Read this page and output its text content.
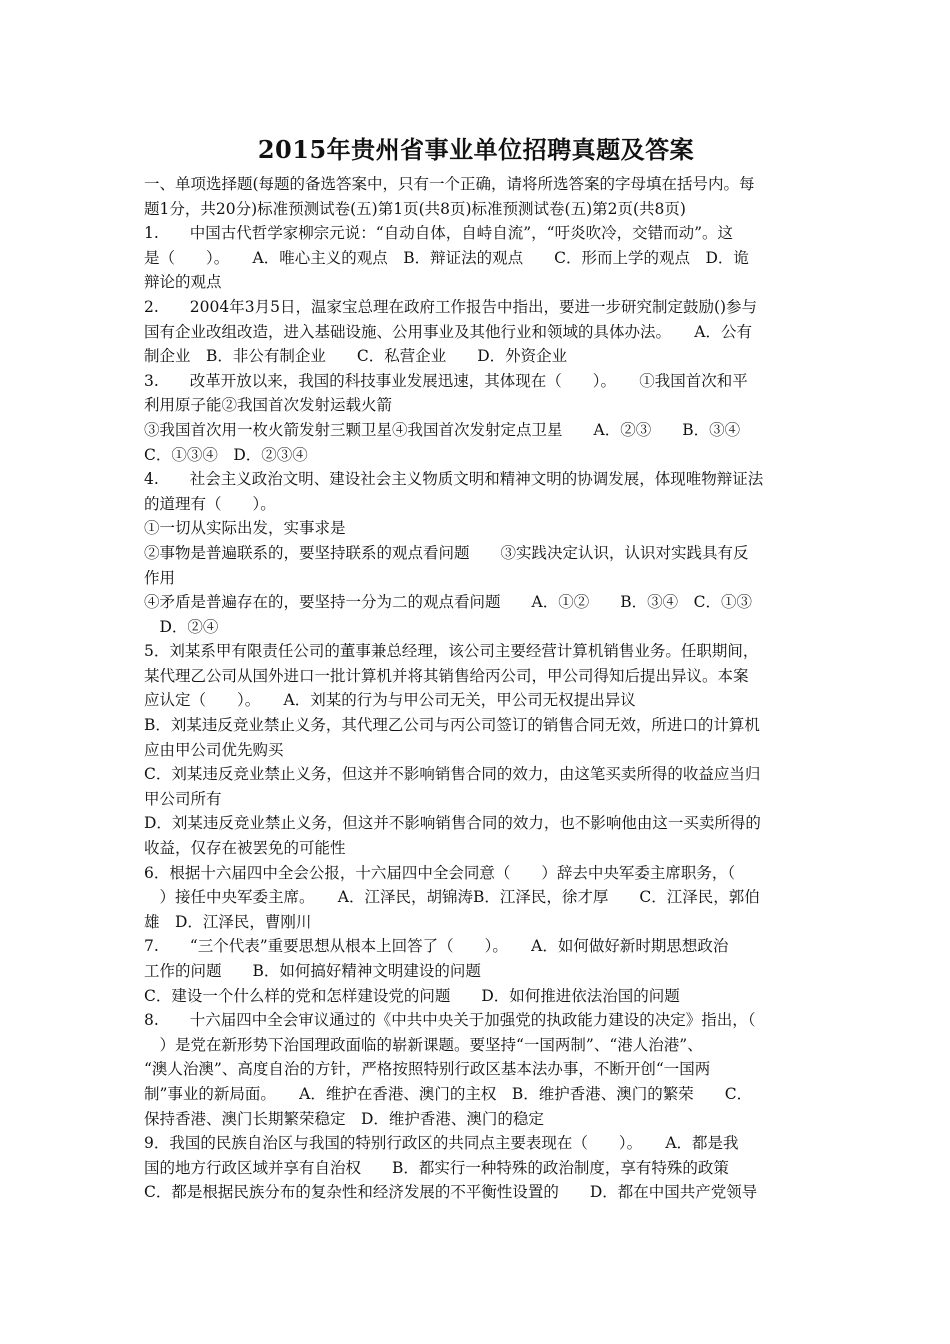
2015年贵州省事业单位招聘真题及答案
一、单项选择题(每题的备选答案中，只有一个正确，请将所选答案的字母填在括号内。每
题1分，共20分)标准预测试卷(五)第1页(共8页)标准预测试卷(五)第2页(共8页)
1.　　中国古代哲学家柳宗元说：“自动自体，自峙自流”，“吁炎吹冷，交错而动”。这
是（　　）。　　A．唯心主义的观点　B．辩证法的观点　　C．形而上学的观点　D．诡
辩论的观点
2.　　2004年3月5日，温家宝总理在政府工作报告中指出，要进一步研究制定鼓励()参与
国有企业改组改造，进入基础设施、公用事业及其他行业和领域的具体办法。　　A．公有
制企业　B．非公有制企业　　C．私营企业　　D．外资企业
3.　　改革开放以来，我国的科技事业发展迅速，其体现在（　　）。　　①我国首次和平
利用原子能②我国首次发射运载火箭
③我国首次用一枚火箭发射三颗卫星④我国首次发射定点卫星　　A．②③　　B．③④
C．①③④　D．②③④
4.　　社会主义政治文明、建设社会主义物质文明和精神文明的协调发展，体现唯物辩证法
的道理有（　　）。
①一切从实际出发，实事求是
②事物是普遍联系的，要坚持联系的观点看问题　　③实践决定认识，认识对实践具有反
作用
④矛盾是普遍存在的，要坚持一分为二的观点看问题　　A．①②　　B．③④　C．①③
　D．②④
5．刘某系甲有限责任公司的董事兼总经理，该公司主要经营计算机销售业务。任职期间，
某代理乙公司从国外进口一批计算机并将其销售给丙公司，甲公司得知后提出异议。本案
应认定（　　）。　　A．刘某的行为与甲公司无关，甲公司无权提出异议
B．刘某违反竞业禁止义务，其代理乙公司与丙公司签订的销售合同无效，所进口的计算机
应由甲公司优先购买
C．刘某违反竞业禁止义务，但这并不影响销售合同的效力，由这笔买卖所得的收益应当归
甲公司所有
D．刘某违反竞业禁止义务，但这并不影响销售合同的效力，也不影响他由这一买卖所得的
收益，仅存在被罢免的可能性
6．根据十六届四中全会公报，十六届四中全会同意（　　）辞去中央军委主席职务，（
　）接任中央军委主席。　　A．江泽民，胡锦涛B．江泽民，徐才厚　　C．江泽民，郭伯
雄　D．江泽民，曹刚川
7.　　“三个代表”重要思想从根本上回答了（　　）。　　A．如何做好新时期思想政治
工作的问题　　B．如何搞好精神文明建设的问题
C．建设一个什么样的党和怎样建设党的问题　　D．如何推进依法治国的问题
8.　　十六届四中全会审议通过的《中共中央关于加强党的执政能力建设的决定》指出，（
　）是党在新形势下治国理政面临的崭新课题。要坚持“一国两制”、“港人治港”、
“澳人治澳”、高度自治的方针，严格按照特别行政区基本法办事，不断开创“一国两
制”事业的新局面。　　A．维护在香港、澳门的主权　B．维护香港、澳门的繁荣　　C．
保持香港、澳门长期繁荣稳定　D．维护香港、澳门的稳定
9．我国的民族自治区与我国的特别行政区的共同点主要表现在（　　）。　　A．都是我
国的地方行政区域并享有自治权　　B．都实行一种特殊的政治制度，享有特殊的政策
C．都是根据民族分布的复杂性和经济发展的不平衡性设置的　　D．都在中国共产党领导
